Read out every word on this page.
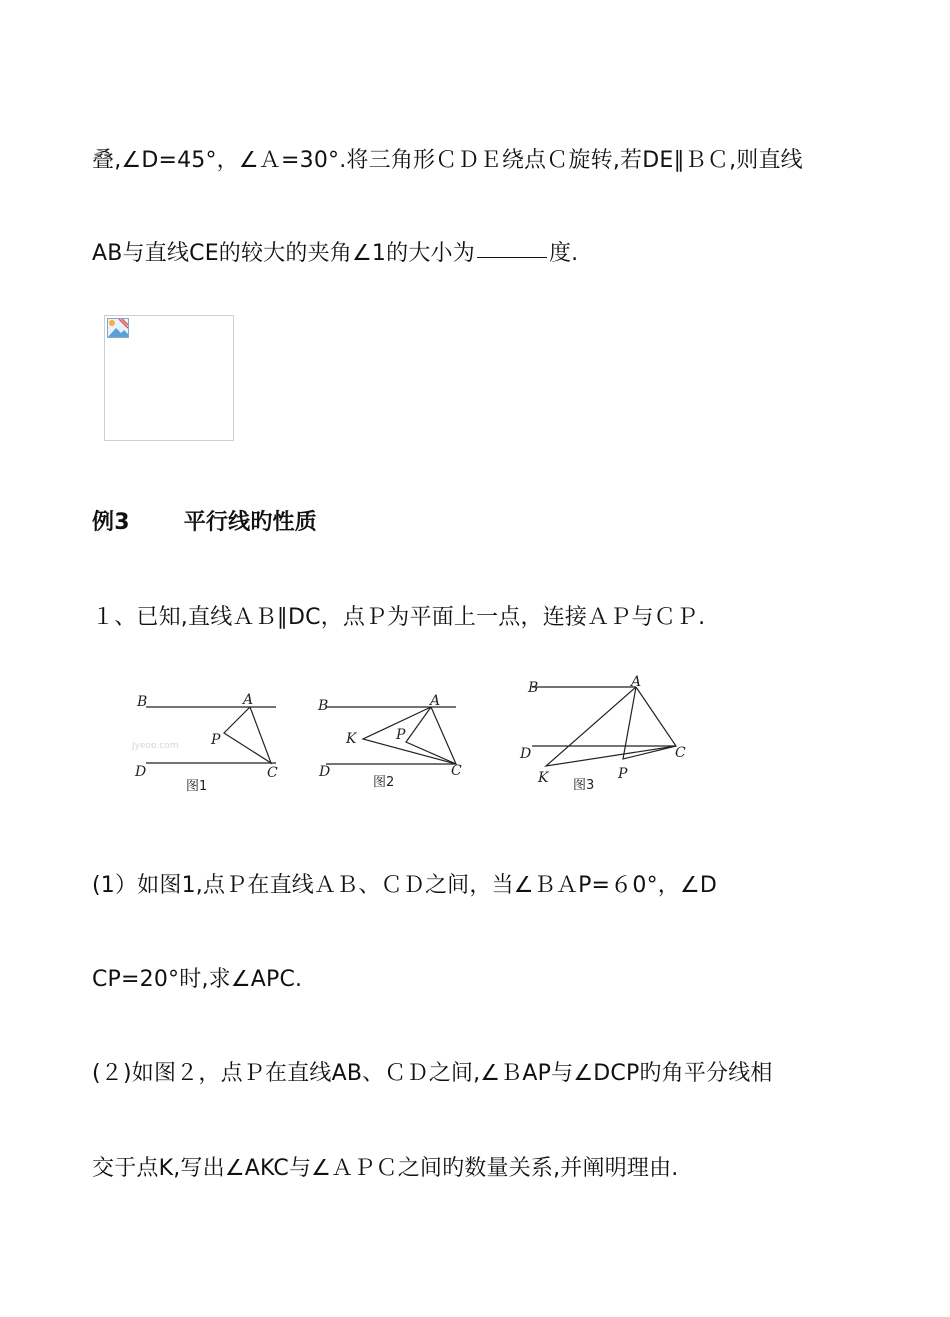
叠,∠D=45°，∠Ａ=30°.将三角形ＣＤＥ绕点Ｃ旋转,若DE∥ＢＣ,则直线
AB与直线CE的较大的夹角∠1的大小为	度.
例3 平行线旳性质
１、已知,直线ＡＢ∥DC，点Ｐ为平面上一点，连接ＡＰ与ＣＰ.
Jyeoo.com
B	A
P
D	C
图1
B	A
K	P
D	C
图2
B	A
D	C
K	P
图3
(1）如图1,点Ｐ在直线ＡＢ、ＣＤ之间，当∠ＢＡP=６0°，∠D
CP=20°时,求∠APC.
(２)如图２，点Ｐ在直线AB、ＣＤ之间,∠ＢAP与∠DCP旳角平分线相
交于点K,写出∠AKC与∠ＡＰＣ之间旳数量关系,并阐明理由.
